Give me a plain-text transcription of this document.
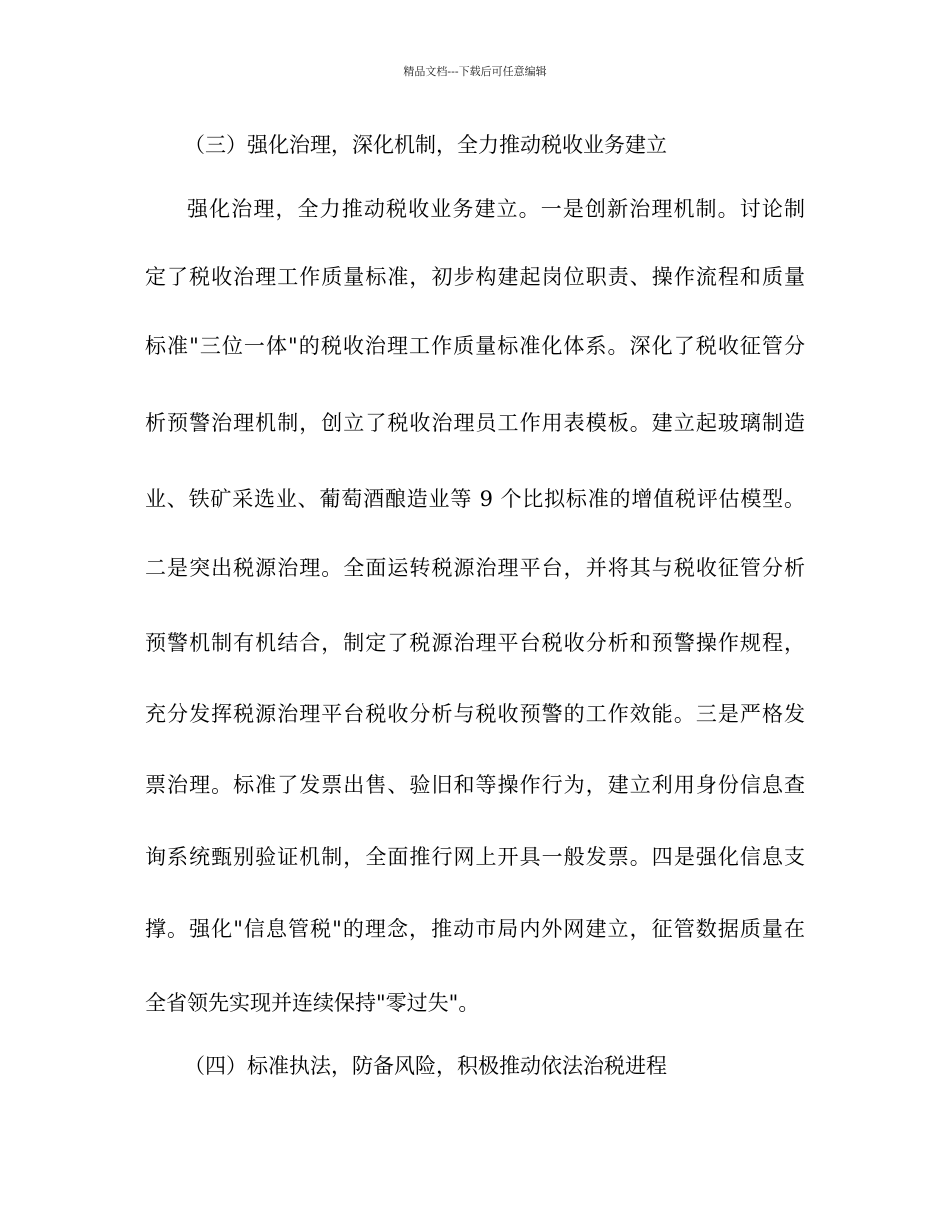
精品文档---下载后可任意编辑
（三）强化治理，深化机制，全力推动税收业务建立
强化治理，全力推动税收业务建立。一是创新治理机制。讨论制
定了税收治理工作质量标准，初步构建起岗位职责、操作流程和质量
标准"三位一体"的税收治理工作质量标准化体系。深化了税收征管分
析预警治理机制，创立了税收治理员工作用表模板。建立起玻璃制造
业、铁矿采选业、葡萄酒酿造业等 9 个比拟标准的增值税评估模型。
二是突出税源治理。全面运转税源治理平台，并将其与税收征管分析
预警机制有机结合，制定了税源治理平台税收分析和预警操作规程，
充分发挥税源治理平台税收分析与税收预警的工作效能。三是严格发
票治理。标准了发票出售、验旧和等操作行为，建立利用身份信息查
询系统甄别验证机制，全面推行网上开具一般发票。四是强化信息支
撑。强化"信息管税"的理念，推动市局内外网建立，征管数据质量在
全省领先实现并连续保持"零过失"。
（四）标准执法，防备风险，积极推动依法治税进程
